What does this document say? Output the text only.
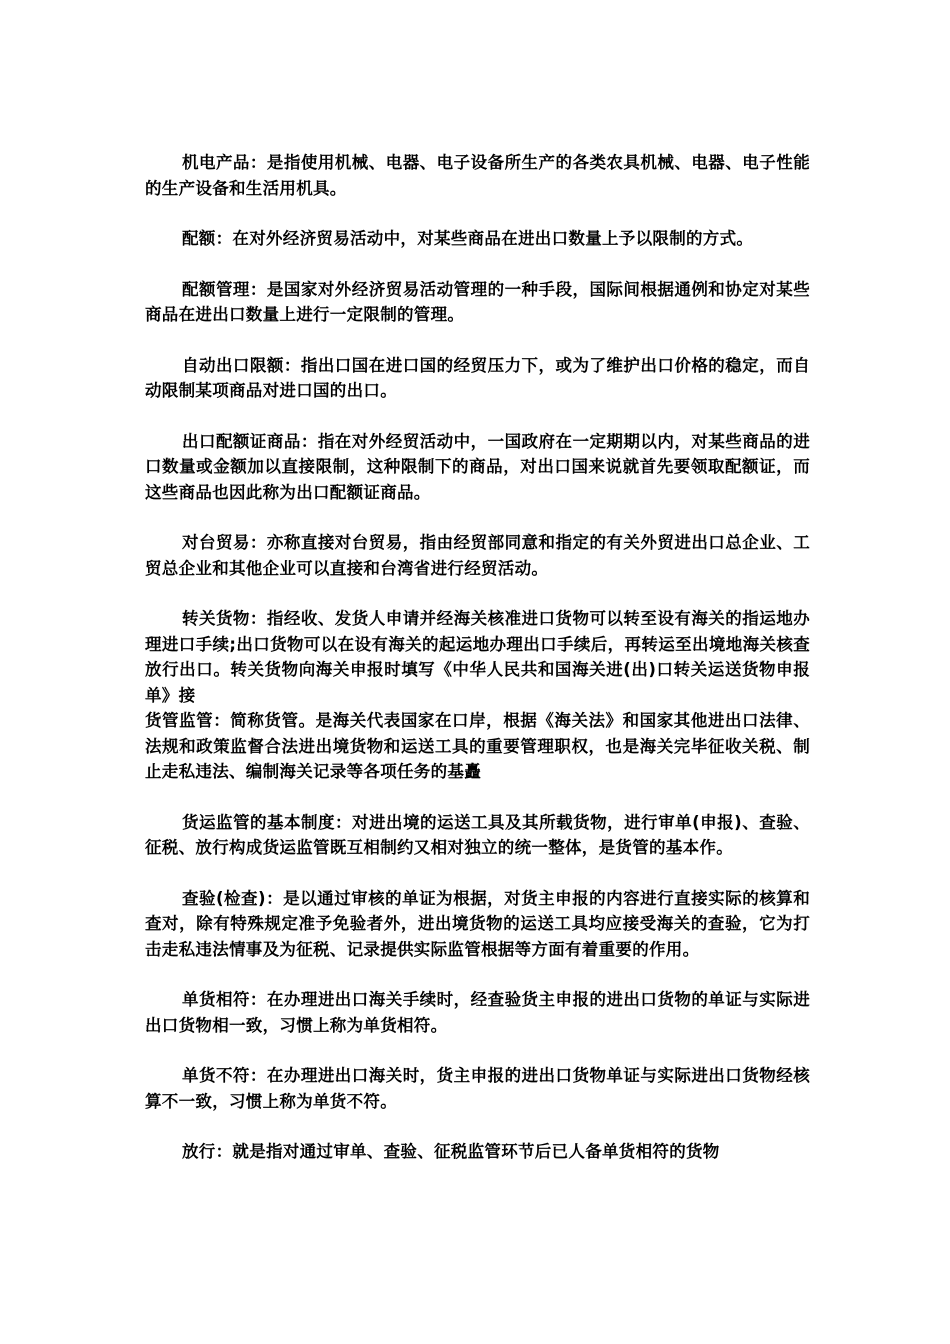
机电产品：是指使用机械、电器、电子设备所生产的各类农具机械、电器、电子性能的生产设备和生活用机具。

配额：在对外经济贸易活动中，对某些商品在进出口数量上予以限制的方式。

配额管理：是国家对外经济贸易活动管理的一种手段，国际间根据通例和协定对某些商品在进出口数量上进行一定限制的管理。

自动出口限额：指出口国在进口国的经贸压力下，或为了维护出口价格的稳定，而自动限制某项商品对进口国的出口。

出口配额证商品：指在对外经贸活动中，一国政府在一定期期以内，对某些商品的进口数量或金额加以直接限制，这种限制下的商品，对出口国来说就首先要领取配额证，而这些商品也因此称为出口配额证商品。

对台贸易：亦称直接对台贸易，指由经贸部同意和指定的有关外贸进出口总企业、工贸总企业和其他企业可以直接和台湾省进行经贸活动。

转关货物：指经收、发货人申请并经海关核准进口货物可以转至设有海关的指运地办理进口手续;出口货物可以在设有海关的起运地办理出口手续后，再转运至出境地海关核查放行出口。转关货物向海关申报时填写《中华人民共和国海关进(出)口转关运送货物申报单》接

货管监管：简称货管。是海关代表国家在口岸，根据《海关法》和国家其他进出口法律、法规和政策监督合法进出境货物和运送工具的重要管理职权，也是海关完毕征收关税、制止走私违法、编制海关记录等各项任务的基矗

货运监管的基本制度：对进出境的运送工具及其所载货物，进行审单(申报)、查验、征税、放行构成货运监管既互相制约又相对独立的统一整体，是货管的基本作。

查验(检查)：是以通过审核的单证为根据，对货主申报的内容进行直接实际的核算和查对，除有特殊规定准予免验者外，进出境货物的运送工具均应接受海关的查验，它为打击走私违法情事及为征税、记录提供实际监管根据等方面有着重要的作用。

单货相符：在办理进出口海关手续时，经查验货主申报的进出口货物的单证与实际进出口货物相一致，习惯上称为单货相符。

单货不符：在办理进出口海关时，货主申报的进出口货物单证与实际进出口货物经核算不一致，习惯上称为单货不符。

放行：就是指对通过审单、查验、征税监管环节后已人备单货相符的货物
